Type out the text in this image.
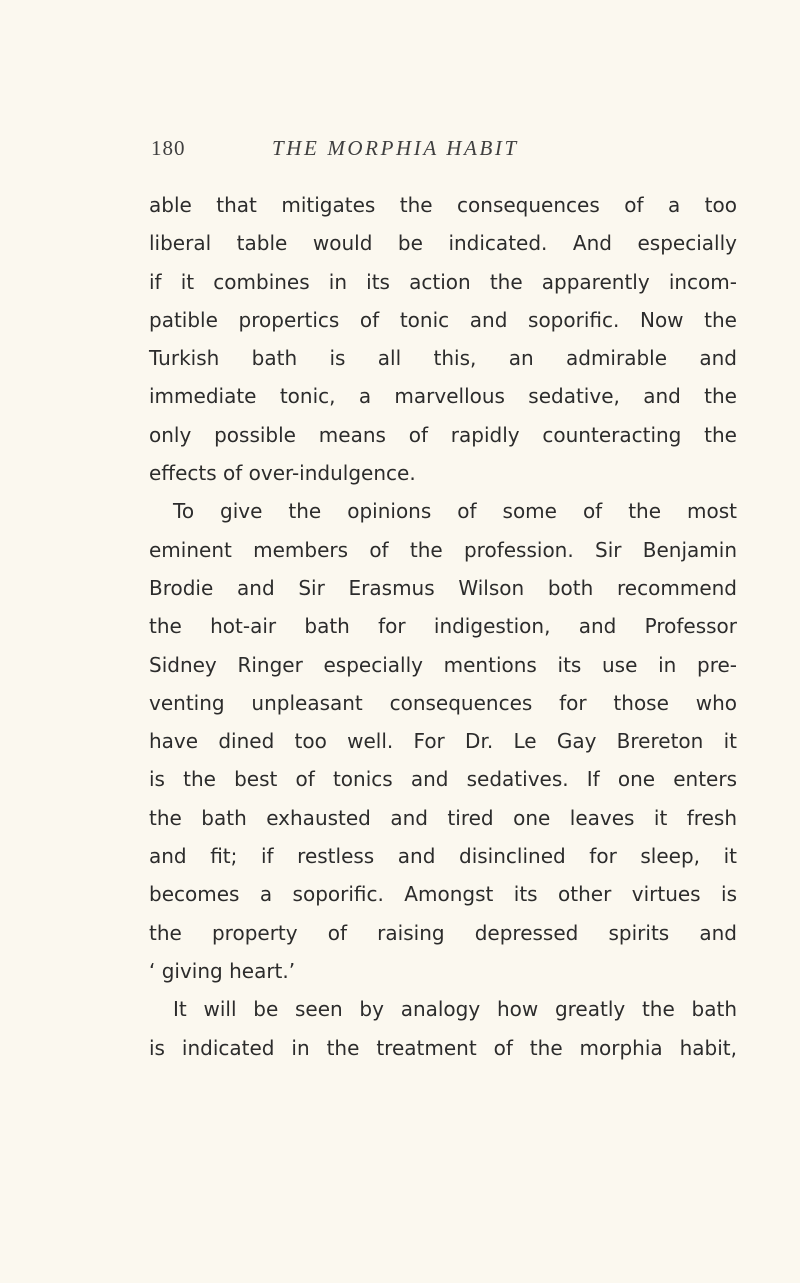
180	THE MORPHIA HABIT
able that mitigates the consequences of a too
liberal table would be indicated. And especially
if it combines in its action the apparently incom-
patible propertics of tonic and soporific. Now the
Turkish bath is all this, an admirable and
immediate tonic, a marvellous sedative, and the
only possible means of rapidly counteracting the
effects of over-indulgence.
To give the opinions of some of the most
eminent members of the profession. Sir Benjamin
Brodie and Sir Erasmus Wilson both recommend
the hot-air bath for indigestion, and Professor
Sidney Ringer especially mentions its use in pre-
venting unpleasant consequences for those who
have dined too well. For Dr. Le Gay Brereton it
is the best of tonics and sedatives. If one enters
the bath exhausted and tired one leaves it fresh
and fit; if restless and disinclined for sleep, it
becomes a soporific. Amongst its other virtues is
the property of raising depressed spirits and
‘ giving heart.’
It will be seen by analogy how greatly the bath
is indicated in the treatment of the morphia habit,
